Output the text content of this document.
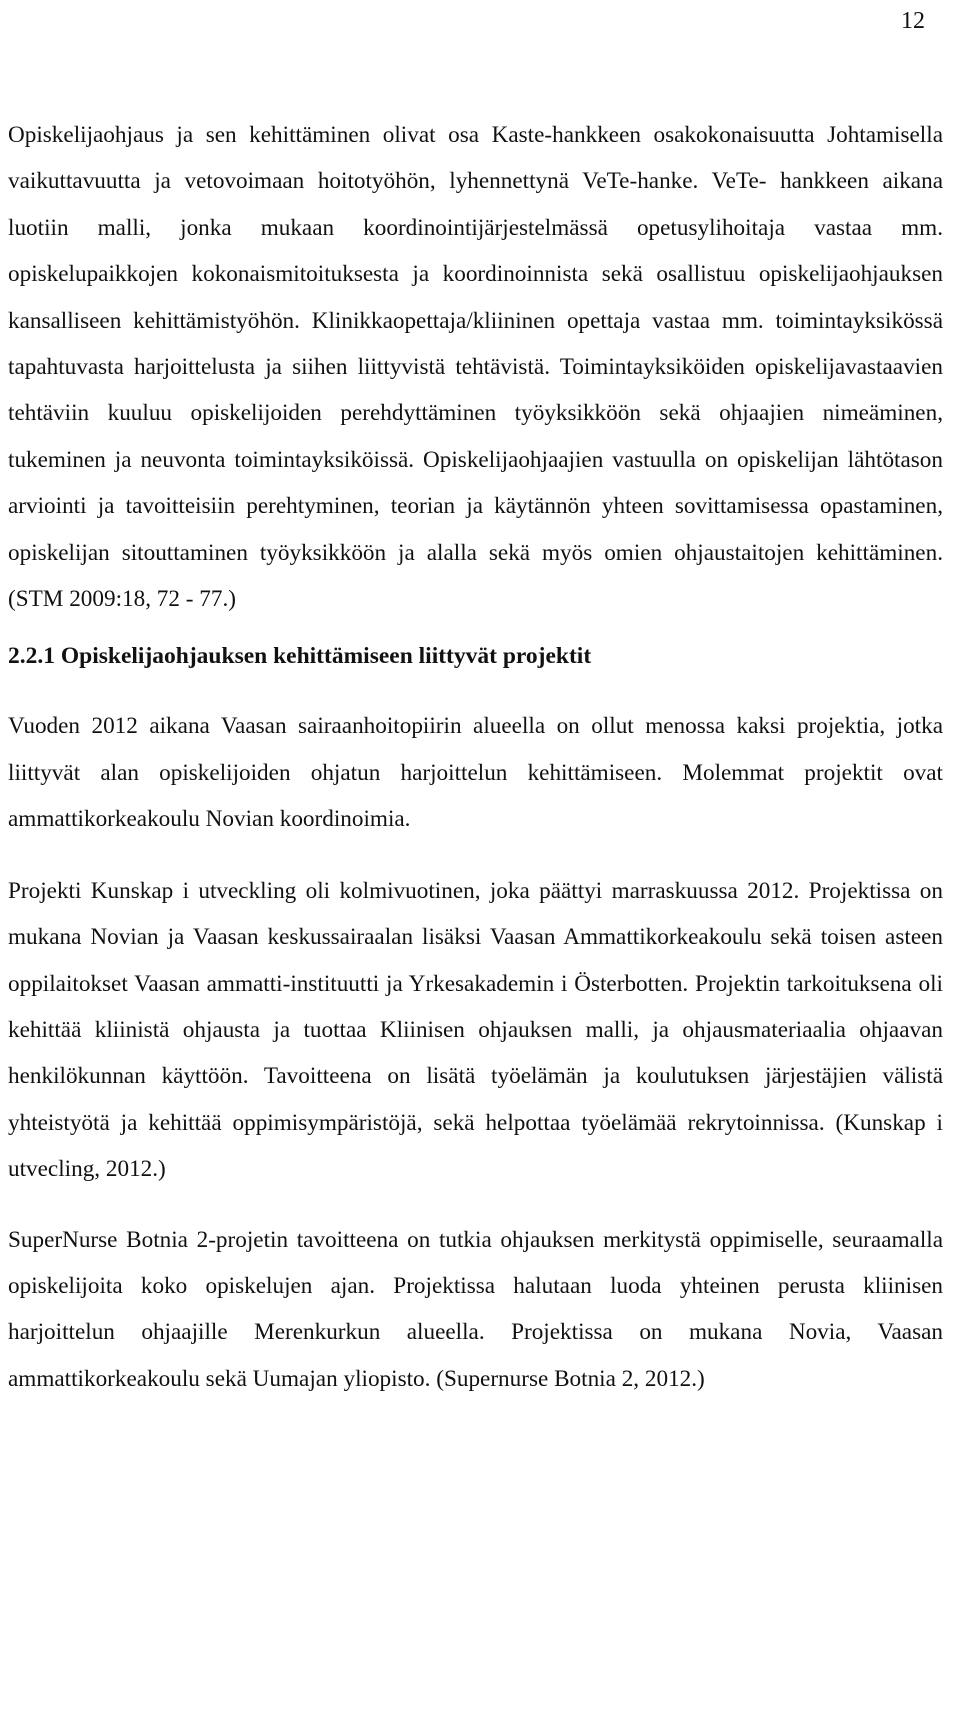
12

Opiskelijaohjaus ja sen kehittäminen olivat osa Kaste-hankkeen osakokonaisuutta Johtamisella vaikuttavuutta ja vetovoimaan hoitotyöhön, lyhennettynä VeTe-hanke. VeTe- hankkeen aikana luotiin malli, jonka mukaan koordinointijärjestelmässä opetusylihoitaja vastaa mm. opiskelupaikkojen kokonaismitoituksesta ja koordinoinnista sekä osallistuu opiskelijaohjauksen kansalliseen kehittämistyöhön. Klinikkaopettaja/kliininen opettaja vastaa mm. toimintayksikössä tapahtuvasta harjoittelusta ja siihen liittyvistä tehtävistä. Toimintayksiköiden opiskelijavastaavien tehtäviin kuuluu opiskelijoiden perehdyttäminen työyksikköön sekä ohjaajien nimeäminen, tukeminen ja neuvonta toimintayksiköissä. Opiskelijaohjaajien vastuulla on opiskelijan lähtötason arviointi ja tavoitteisiin perehtyminen, teorian ja käytännön yhteen sovittamisessa opastaminen, opiskelijan sitouttaminen työyksikköön ja alalla sekä myös omien ohjaustaitojen kehittäminen. (STM 2009:18, 72 - 77.)

2.2.1 Opiskelijaohjauksen kehittämiseen liittyvät projektit

Vuoden 2012 aikana Vaasan sairaanhoitopiirin alueella on ollut menossa kaksi projektia, jotka liittyvät alan opiskelijoiden ohjatun harjoittelun kehittämiseen. Molemmat projektit ovat ammattikorkeakoulu Novian koordinoimia.

Projekti Kunskap i utveckling oli kolmivuotinen, joka päättyi marraskuussa 2012. Projektissa on mukana Novian ja Vaasan keskussairaalan lisäksi Vaasan Ammattikorkeakoulu sekä toisen asteen oppilaitokset Vaasan ammatti-instituutti ja Yrkesakademin i Österbotten. Projektin tarkoituksena oli kehittää kliinistä ohjausta ja tuottaa Kliinisen ohjauksen malli, ja ohjausmateriaalia ohjaavan henkilökunnan käyttöön. Tavoitteena on lisätä työelämän ja koulutuksen järjestäjien välistä yhteistyötä ja kehittää oppimisympäristöjä, sekä helpottaa työelämää rekrytoinnissa. (Kunskap i utvecling, 2012.)

SuperNurse Botnia 2-projetin tavoitteena on tutkia ohjauksen merkitystä oppimiselle, seuraamalla opiskelijoita koko opiskelujen ajan. Projektissa halutaan luoda yhteinen perusta kliinisen harjoittelun ohjaajille Merenkurkun alueella. Projektissa on mukana Novia, Vaasan ammattikorkeakoulu sekä Uumajan yliopisto. (Supernurse Botnia 2, 2012.)
